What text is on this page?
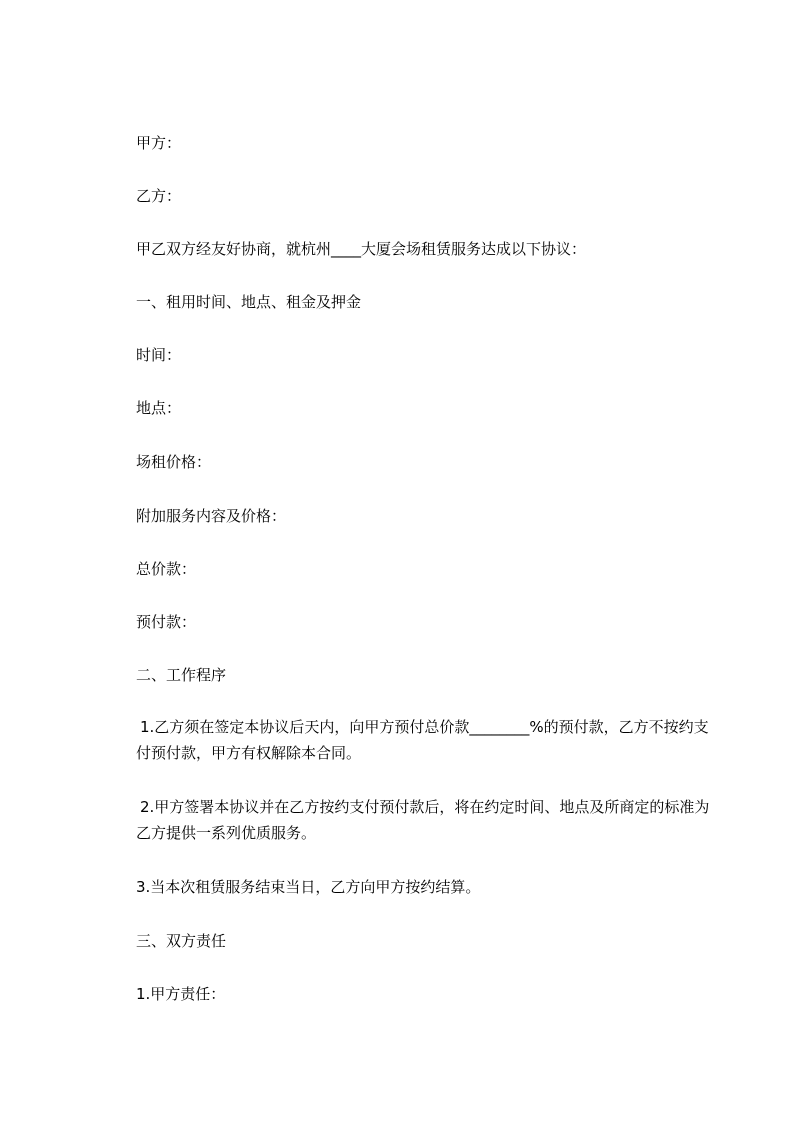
甲方：
乙方：
甲乙双方经友好协商，就杭州____大厦会场租赁服务达成以下协议：
一、租用时间、地点、租金及押金
时间：
地点：
场租价格：
附加服务内容及价格：
总价款：
预付款：
二、工作程序
1.乙方须在签定本协议后天内，向甲方预付总价款________%的预付款，乙方不按约支付预付款，甲方有权解除本合同。
2.甲方签署本协议并在乙方按约支付预付款后，将在约定时间、地点及所商定的标准为乙方提供一系列优质服务。
3.当本次租赁服务结束当日，乙方向甲方按约结算。
三、双方责任
1.甲方责任：
